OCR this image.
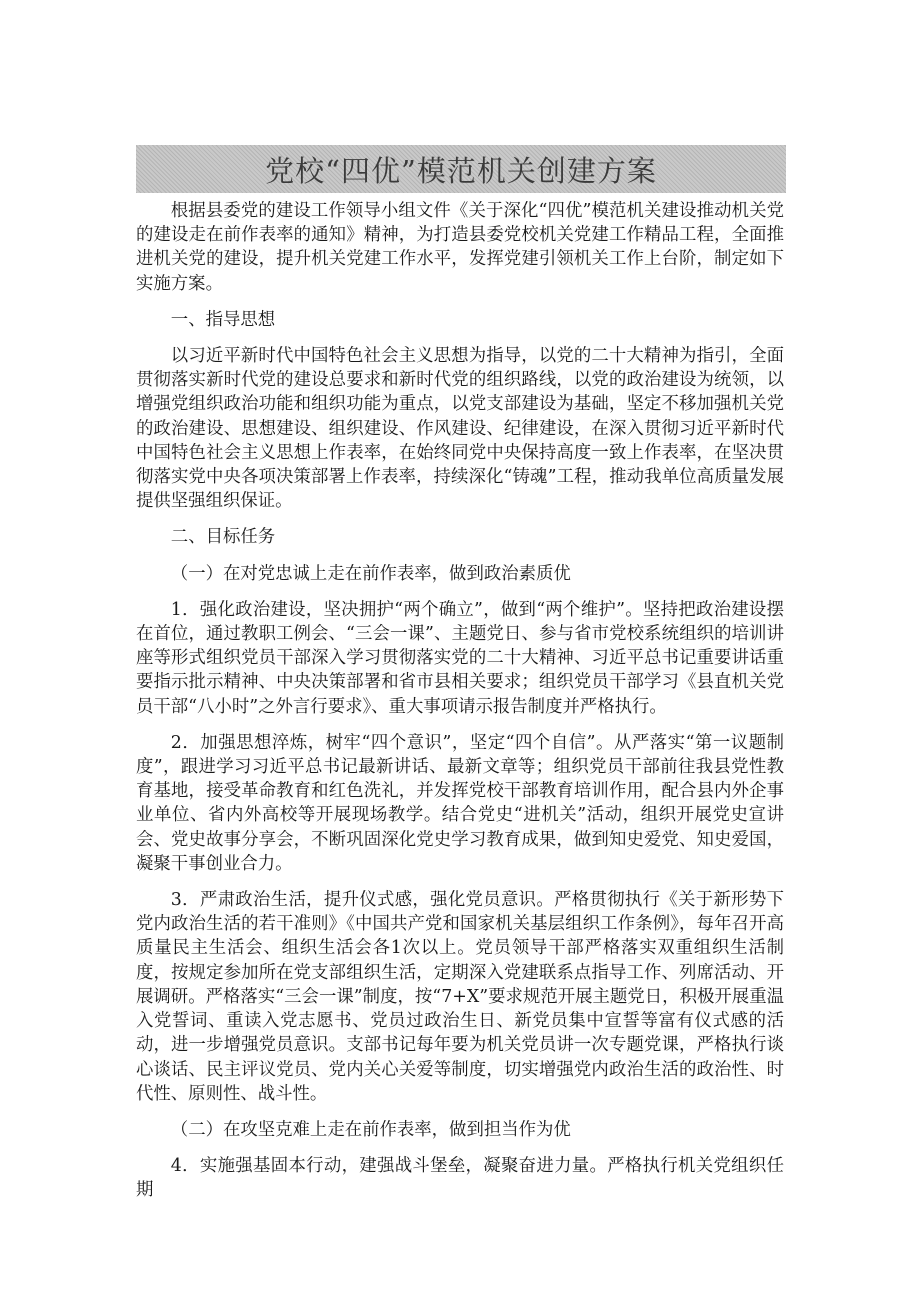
党校“四优”模范机关创建方案

根据县委党的建设工作领导小组文件《关于深化“四优”模范机关建设推动机关党的建设走在前作表率的通知》精神，为打造县委党校机关党建工作精品工程，全面推进机关党的建设，提升机关党建工作水平，发挥党建引领机关工作上台阶，制定如下实施方案。

一、指导思想

以习近平新时代中国特色社会主义思想为指导，以党的二十大精神为指引，全面贯彻落实新时代党的建设总要求和新时代党的组织路线，以党的政治建设为统领，以增强党组织政治功能和组织功能为重点，以党支部建设为基础，坚定不移加强机关党的政治建设、思想建设、组织建设、作风建设、纪律建设，在深入贯彻习近平新时代中国特色社会主义思想上作表率，在始终同党中央保持高度一致上作表率，在坚决贯彻落实党中央各项决策部署上作表率，持续深化“铸魂”工程，推动我单位高质量发展提供坚强组织保证。

二、目标任务

（一）在对党忠诚上走在前作表率，做到政治素质优

1．强化政治建设，坚决拥护“两个确立”，做到“两个维护”。坚持把政治建设摆在首位，通过教职工例会、“三会一课”、主题党日、参与省市党校系统组织的培训讲座等形式组织党员干部深入学习贯彻落实党的二十大精神、习近平总书记重要讲话重要指示批示精神、中央决策部署和省市县相关要求；组织党员干部学习《县直机关党员干部“八小时”之外言行要求》、重大事项请示报告制度并严格执行。

2．加强思想淬炼，树牢“四个意识”，坚定“四个自信”。从严落实“第一议题制度”，跟进学习习近平总书记最新讲话、最新文章等；组织党员干部前往我县党性教育基地，接受革命教育和红色洗礼，并发挥党校干部教育培训作用，配合县内外企事业单位、省内外高校等开展现场教学。结合党史“进机关”活动，组织开展党史宣讲会、党史故事分享会，不断巩固深化党史学习教育成果，做到知史爱党、知史爱国，凝聚干事创业合力。

3．严肃政治生活，提升仪式感，强化党员意识。严格贯彻执行《关于新形势下党内政治生活的若干准则》《中国共产党和国家机关基层组织工作条例》，每年召开高质量民主生活会、组织生活会各1次以上。党员领导干部严格落实双重组织生活制度，按规定参加所在党支部组织生活，定期深入党建联系点指导工作、列席活动、开展调研。严格落实“三会一课”制度，按“7+X”要求规范开展主题党日，积极开展重温入党誓词、重读入党志愿书、党员过政治生日、新党员集中宣誓等富有仪式感的活动，进一步增强党员意识。支部书记每年要为机关党员讲一次专题党课，严格执行谈心谈话、民主评议党员、党内关心关爱等制度，切实增强党内政治生活的政治性、时代性、原则性、战斗性。

（二）在攻坚克难上走在前作表率，做到担当作为优

4．实施强基固本行动，建强战斗堡垒，凝聚奋进力量。严格执行机关党组织任期
